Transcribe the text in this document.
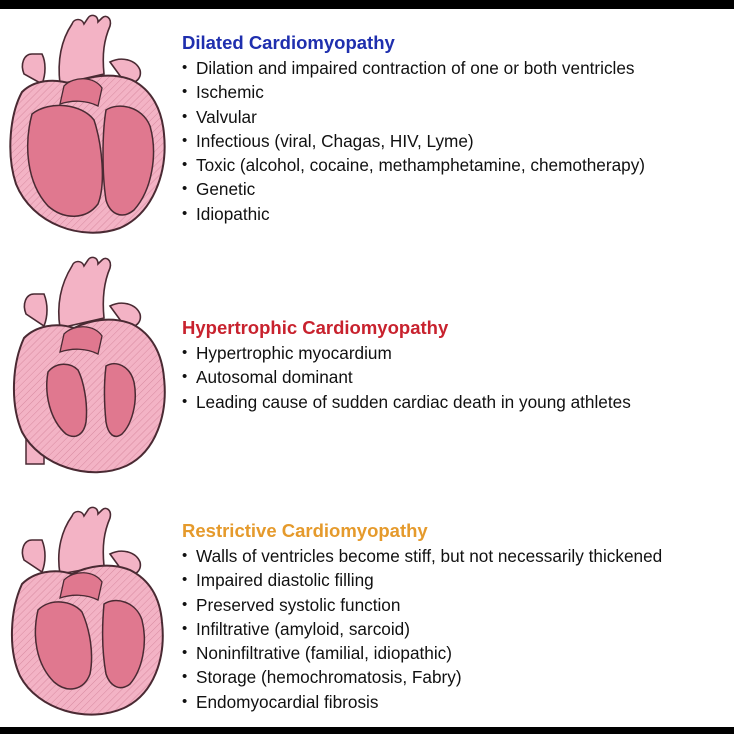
Dilated Cardiomyopathy
• Dilation and impaired contraction of one or both ventricles
• Ischemic
• Valvular
• Infectious (viral, Chagas, HIV, Lyme)
• Toxic (alcohol, cocaine, methamphetamine, chemotherapy)
• Genetic
• Idiopathic
Hypertrophic Cardiomyopathy
• Hypertrophic myocardium
• Autosomal dominant
• Leading cause of sudden cardiac death in young athletes
Restrictive Cardiomyopathy
• Walls of ventricles become stiff, but not necessarily thickened
• Impaired diastolic filling
• Preserved systolic function
• Infiltrative (amyloid, sarcoid)
• Noninfiltrative (familial, idiopathic)
• Storage (hemochromatosis, Fabry)
• Endomyocardial fibrosis
